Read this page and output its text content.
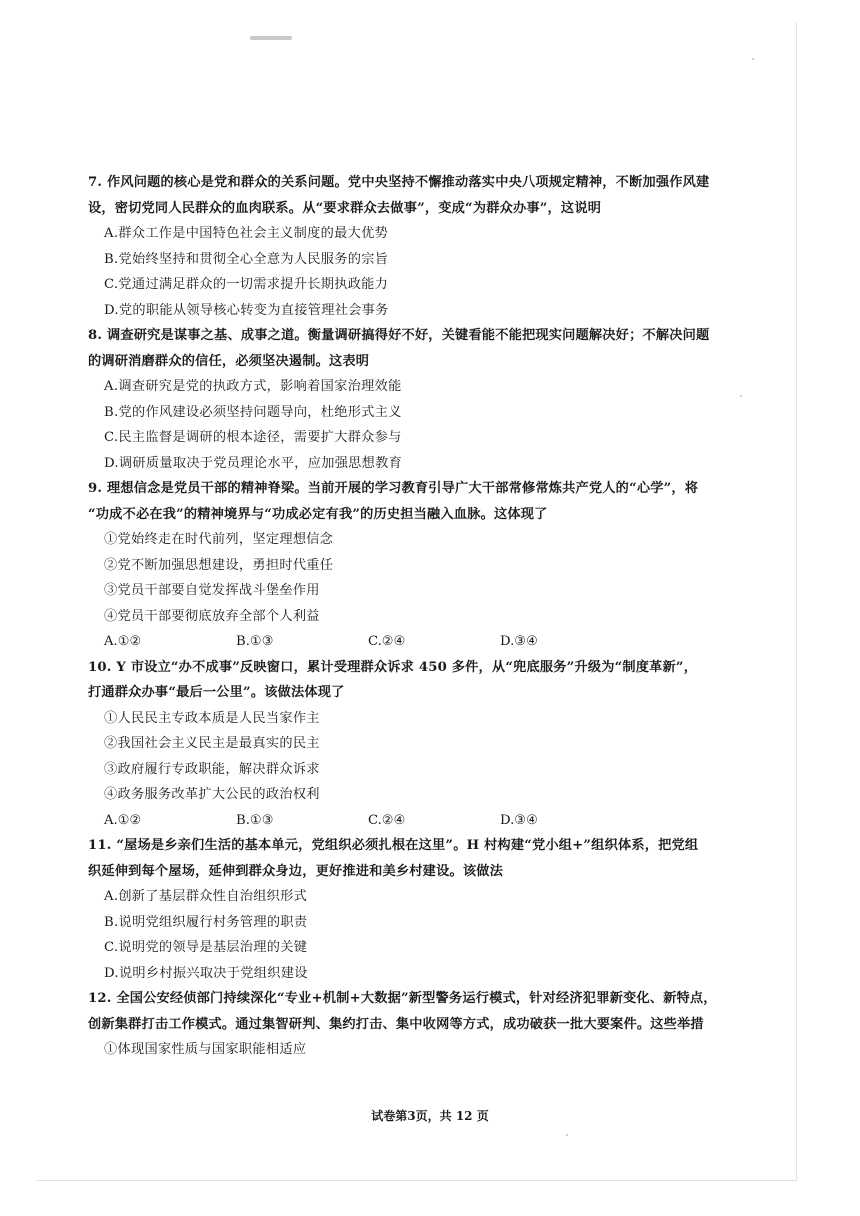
7. 作风问题的核心是党和群众的关系问题。党中央坚持不懈推动落实中央八项规定精神，不断加强作风建
设，密切党同人民群众的血肉联系。从“要求群众去做事”，变成“为群众办事”，这说明
A.群众工作是中国特色社会主义制度的最大优势
B.党始终坚持和贯彻全心全意为人民服务的宗旨
C.党通过满足群众的一切需求提升长期执政能力
D.党的职能从领导核心转变为直接管理社会事务
8. 调查研究是谋事之基、成事之道。衡量调研搞得好不好，关键看能不能把现实问题解决好；不解决问题
的调研消磨群众的信任，必须坚决遏制。这表明
A.调查研究是党的执政方式，影响着国家治理效能
B.党的作风建设必须坚持问题导向，杜绝形式主义
C.民主监督是调研的根本途径，需要扩大群众参与
D.调研质量取决于党员理论水平，应加强思想教育
9. 理想信念是党员干部的精神脊梁。当前开展的学习教育引导广大干部常修常炼共产党人的“心学”，将
“功成不必在我”的精神境界与“功成必定有我”的历史担当融入血脉。这体现了
①党始终走在时代前列，坚定理想信念
②党不断加强思想建设，勇担时代重任
③党员干部要自觉发挥战斗堡垒作用
④党员干部要彻底放弃全部个人利益
A.①②	B.①③	C.②④	D.③④
10. Y 市设立“办不成事”反映窗口，累计受理群众诉求 450 多件，从“兜底服务”升级为“制度革新”，
打通群众办事“最后一公里”。该做法体现了
①人民民主专政本质是人民当家作主
②我国社会主义民主是最真实的民主
③政府履行专政职能，解决群众诉求
④政务服务改革扩大公民的政治权利
A.①②	B.①③	C.②④	D.③④
11. “屋场是乡亲们生活的基本单元，党组织必须扎根在这里”。H 村构建“党小组+”组织体系，把党组
织延伸到每个屋场，延伸到群众身边，更好推进和美乡村建设。该做法
A.创新了基层群众性自治组织形式
B.说明党组织履行村务管理的职责
C.说明党的领导是基层治理的关键
D.说明乡村振兴取决于党组织建设
12. 全国公安经侦部门持续深化“专业+机制+大数据”新型警务运行模式，针对经济犯罪新变化、新特点，
创新集群打击工作模式。通过集智研判、集约打击、集中收网等方式，成功破获一批大要案件。这些举措
①体现国家性质与国家职能相适应
试卷第3页，共 12 页
